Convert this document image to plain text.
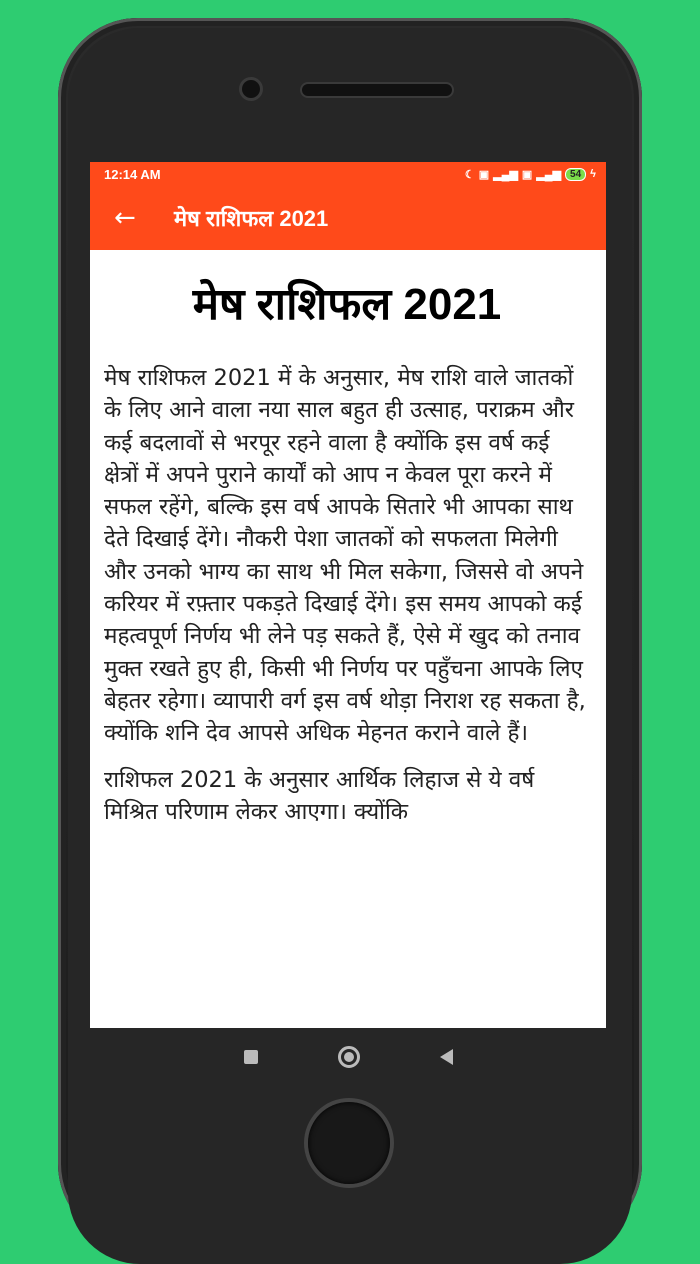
12:14 AM	☾ ▣ ▂▄▆ ▣ ▂▄▆ 54 ϟ
←	मेष राशिफल 2021
मेष राशिफल 2021

मेष राशिफल 2021 में के अनुसार, मेष राशि वाले जातकों के लिए आने वाला नया साल बहुत ही उत्साह, पराक्रम और कई बदलावों से भरपूर रहने वाला है क्योंकि इस वर्ष कई क्षेत्रों में अपने पुराने कार्यों को आप न केवल पूरा करने में सफल रहेंगे, बल्कि इस वर्ष आपके सितारे भी आपका साथ देते दिखाई देंगे। नौकरी पेशा जातकों को सफलता मिलेगी और उनको भाग्य का साथ भी मिल सकेगा, जिससे वो अपने करियर में रफ़्तार पकड़ते दिखाई देंगे। इस समय आपको कई महत्वपूर्ण निर्णय भी लेने पड़ सकते हैं, ऐसे में खुद को तनाव मुक्त रखते हुए ही, किसी भी निर्णय पर पहुँचना आपके लिए बेहतर रहेगा। व्यापारी वर्ग इस वर्ष थोड़ा निराश रह सकता है, क्योंकि शनि देव आपसे अधिक मेहनत कराने वाले हैं।

राशिफल 2021 के अनुसार आर्थिक लिहाज से ये वर्ष मिश्रित परिणाम लेकर आएगा। क्योंकि
